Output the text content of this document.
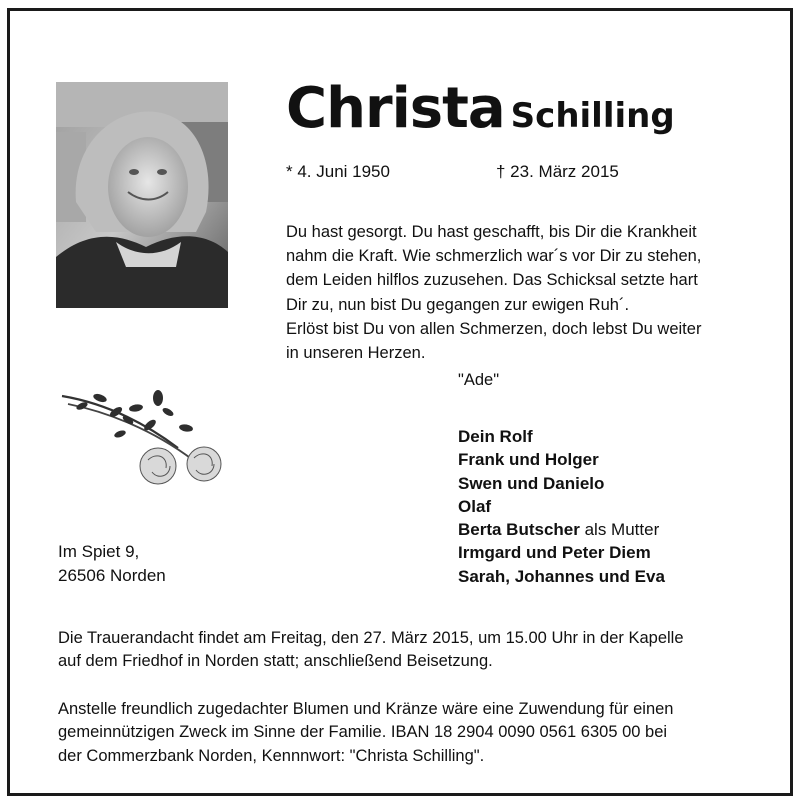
Christa Schilling
* 4. Juni 1950	† 23. März 2015
Du hast gesorgt. Du hast geschafft, bis Dir die Krankheit
nahm die Kraft. Wie schmerzlich war´s vor Dir zu stehen,
dem Leiden hilflos zuzusehen. Das Schicksal setzte hart
Dir zu, nun bist Du gegangen zur ewigen Ruh´.
Erlöst bist Du von allen Schmerzen, doch lebst Du weiter
in unseren Herzen.
"Ade"
Dein Rolf
Frank und Holger
Swen und Danielo
Olaf
Berta Butscher als Mutter
Irmgard und Peter Diem
Sarah, Johannes und Eva
Im Spiet 9,
26506 Norden
Die Trauerandacht findet am Freitag, den 27. März 2015, um 15.00 Uhr in der Kapelle
auf dem Friedhof in Norden statt; anschließend Beisetzung.
Anstelle freundlich zugedachter Blumen und Kränze wäre eine Zuwendung für einen
gemeinnützigen Zweck im Sinne der Familie. IBAN 18 2904 0090 0561 6305 00 bei
der Commerzbank Norden, Kennnwort: "Christa Schilling".
